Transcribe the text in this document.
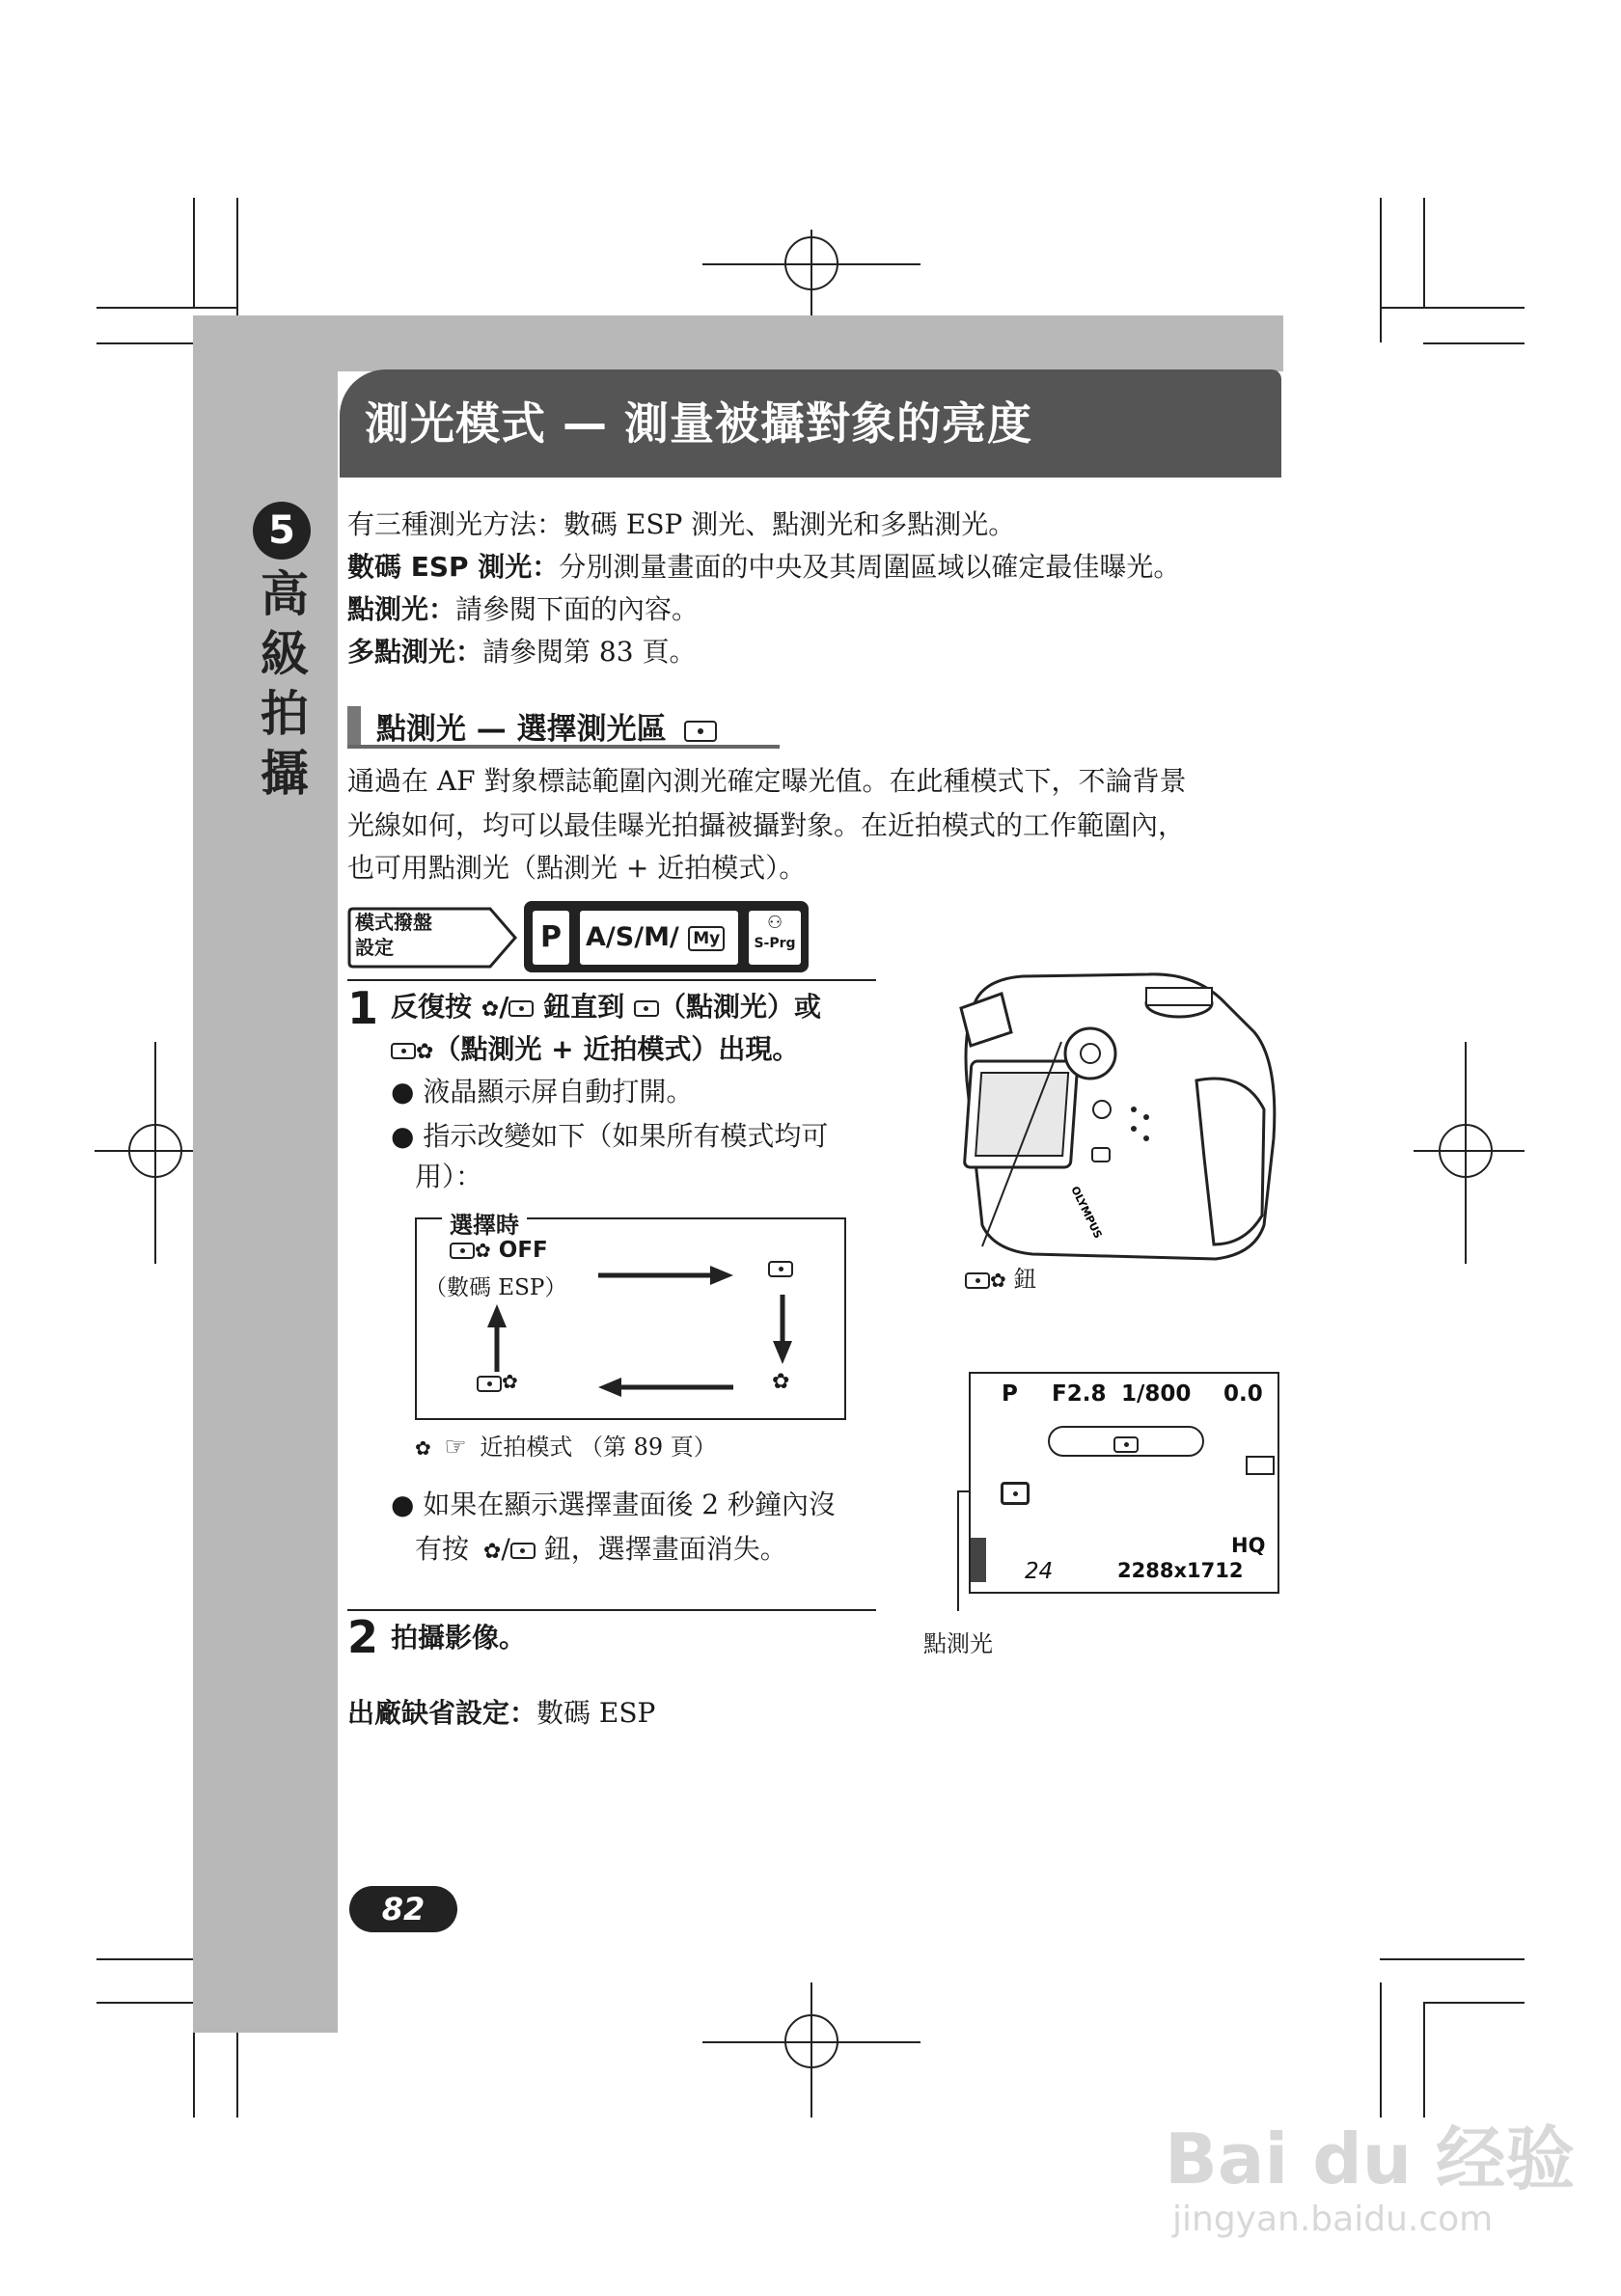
5
高級拍攝
測光模式 — 測量被攝對象的亮度
有三種測光方法：數碼 ESP 測光、點測光和多點測光。
數碼 ESP 測光：分別測量畫面的中央及其周圍區域以確定最佳曝光。
點測光：請參閱下面的內容。
多點測光：請參閱第 83 頁。
點測光 — 選擇測光區
通過在 AF 對象標誌範圍內測光確定曝光值。在此種模式下，不論背景
光線如何，均可以最佳曝光拍攝被攝對象。在近拍模式的工作範圍內，
也可用點測光（點測光 + 近拍模式）。
模式撥盤
設定	P A/S/M/ My
⚇
S-Prg
1 反復按 ✿/ 鈕直到 （點測光）或
✿（點測光 + 近拍模式）出現。
● 液晶顯示屏自動打開。
● 指示改變如下（如果所有模式均可
用）：
選擇時
✿ OFF
（數碼 ESP）
✿
✿
✿ ☞ 近拍模式 （第 89 頁）
● 如果在顯示選擇畫面後 2 秒鐘內沒
有按 ✿/ 鈕，選擇畫面消失。
2 拍攝影像。
出廠缺省設定：數碼 ESP
OLYMPUS
✿ 鈕
P F2.8 1/800 0.0

HQ
24	2288x1712
點測光
82
Bai du 经验
jingyan.baidu.com
